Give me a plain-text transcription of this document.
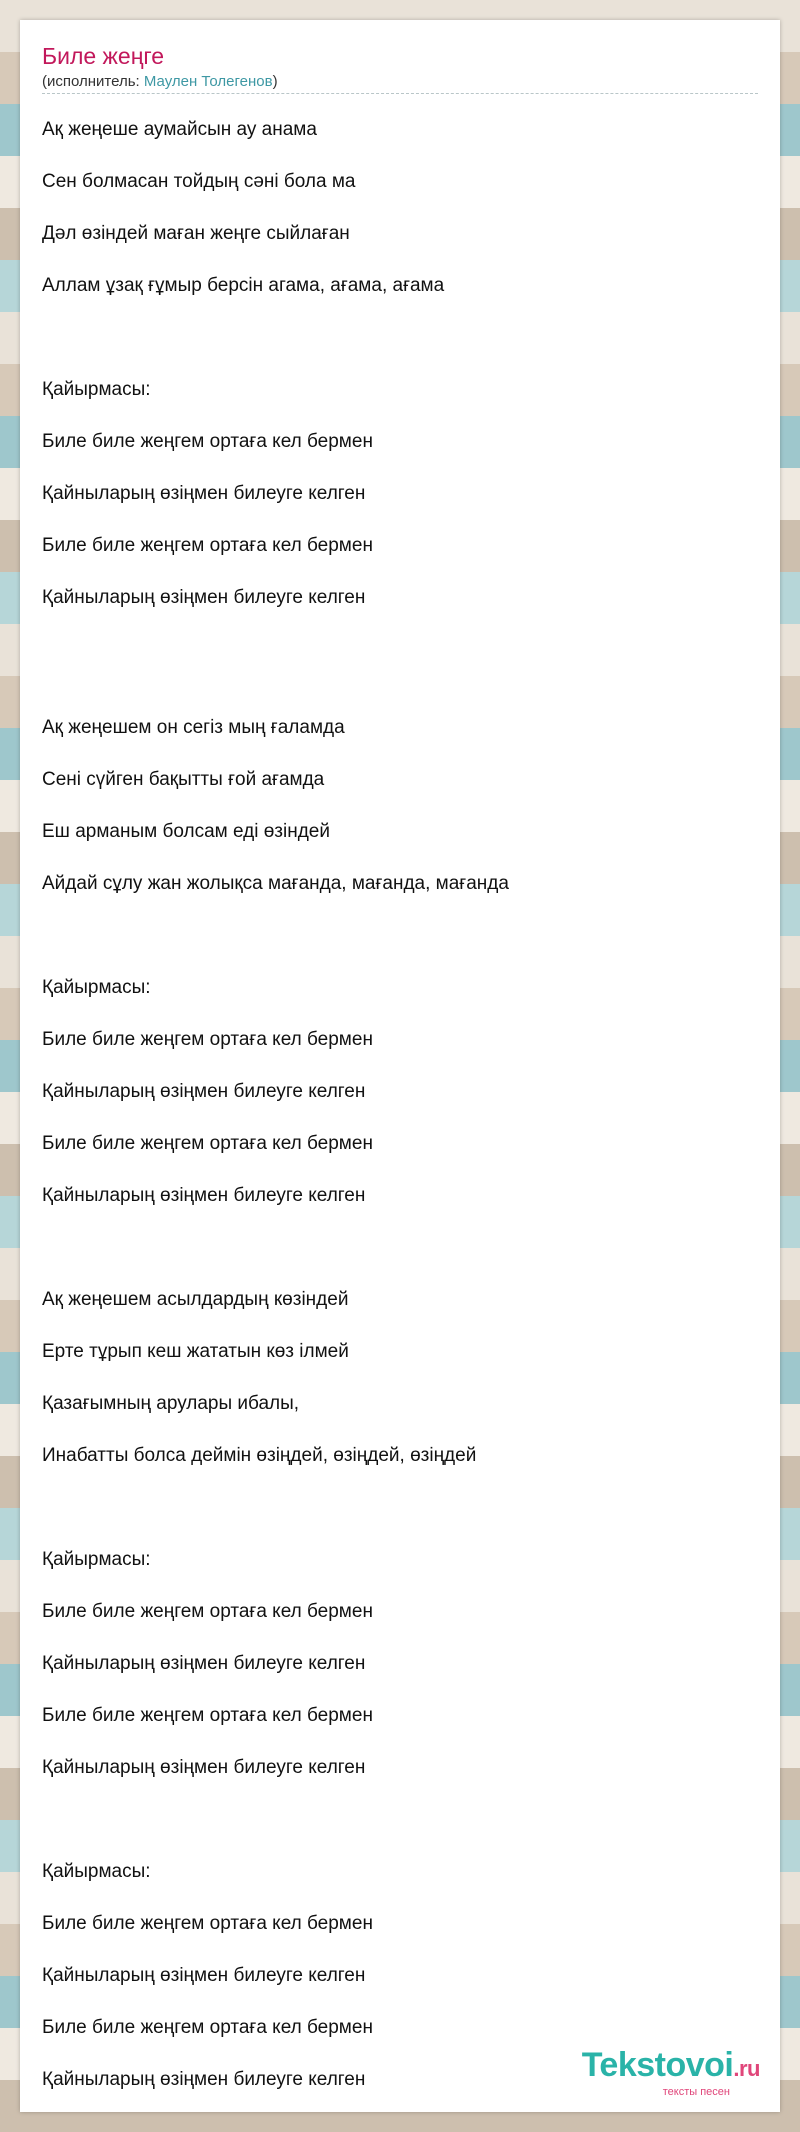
Биле жеңге
(исполнитель: Маулен Толегенов)
Ақ жеңеше аумайсын ау анама
Сен болмасан тойдың сәні бола ма
Дәл өзіндей маған жеңге сыйлаған
Аллам ұзақ ғұмыр берсін агама, ағама, ағама
Қайырмасы:
Биле биле жеңгем ортаға кел бермен
Қайныларың өзiңмен билеуге келген
Биле биле жеңгем ортаға кел бермен
Қайныларың өзiңмен билеуге келген
Ақ жеңешем он сегіз мың ғаламда
Сені сүйген бақытты ғой ағамда
Еш арманым болсам еді өзіндей
Айдай сұлу жан жолықса мағанда, мағанда, мағанда
Қайырмасы:
Биле биле жеңгем ортаға кел бермен
Қайныларың өзiңмен билеуге келген
Биле биле жеңгем ортаға кел бермен
Қайныларың өзiңмен билеуге келген
Ақ жеңешем асылдардың көзіндей
Ерте тұрып кеш жататын көз ілмей
Қазағымның арулары ибалы,
Инабатты болса деймін өзіңдей, өзіңдей, өзіңдей
Қайырмасы:
Биле биле жеңгем ортаға кел бермен
Қайныларың өзiңмен билеуге келген
Биле биле жеңгем ортаға кел бермен
Қайныларың өзiңмен билеуге келген
Қайырмасы:
Биле биле жеңгем ортаға кел бермен
Қайныларың өзiңмен билеуге келген
Биле биле жеңгем ортаға кел бермен
Қайныларың өзiңмен билеуге келген	Tekstovoi.ru
тексты песен
